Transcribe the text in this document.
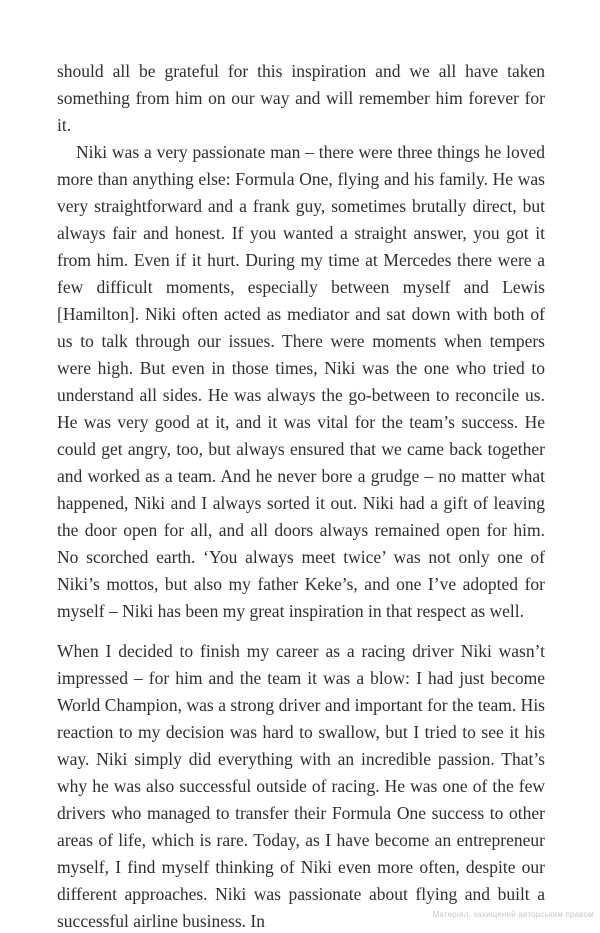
should all be grateful for this inspiration and we all have taken something from him on our way and will remember him forever for it.

Niki was a very passionate man – there were three things he loved more than anything else: Formula One, flying and his family. He was very straightforward and a frank guy, sometimes brutally direct, but always fair and honest. If you wanted a straight answer, you got it from him. Even if it hurt. During my time at Mercedes there were a few difficult moments, especially between myself and Lewis [Hamilton]. Niki often acted as mediator and sat down with both of us to talk through our issues. There were moments when tempers were high. But even in those times, Niki was the one who tried to understand all sides. He was always the go-between to reconcile us. He was very good at it, and it was vital for the team’s success. He could get angry, too, but always ensured that we came back together and worked as a team. And he never bore a grudge – no matter what happened, Niki and I always sorted it out. Niki had a gift of leaving the door open for all, and all doors always remained open for him. No scorched earth. ‘You always meet twice’ was not only one of Niki’s mottos, but also my father Keke’s, and one I’ve adopted for myself – Niki has been my great inspiration in that respect as well.

When I decided to finish my career as a racing driver Niki wasn’t impressed – for him and the team it was a blow: I had just become World Champion, was a strong driver and important for the team. His reaction to my decision was hard to swallow, but I tried to see it his way. Niki simply did everything with an incredible passion. That’s why he was also successful outside of racing. He was one of the few drivers who managed to transfer their Formula One success to other areas of life, which is rare. Today, as I have become an entrepreneur myself, I find myself thinking of Niki even more often, despite our different approaches. Niki was passionate about flying and built a successful airline business. In	Матеріал, захищений авторським правом
